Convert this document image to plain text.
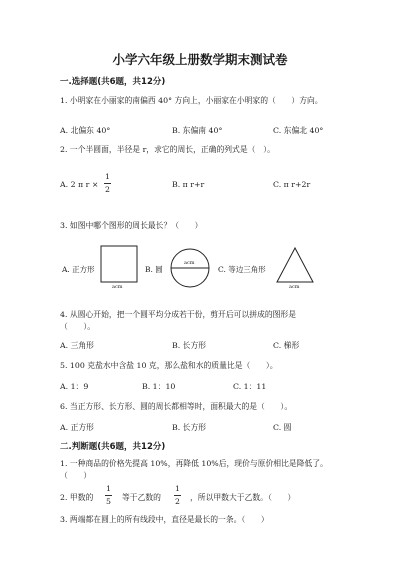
小学六年级上册数学期末测试卷
一.选择题(共6题，共12分)
1. 小明家在小丽家的南偏西 40° 方向上，小丽家在小明家的（　　）方向。
A. 北偏东 40°	B. 东偏南 40°	C. 东偏北 40°
2. 一个半圆面，半径是 r，求它的周长，正确的列式是（　）。
A. 2 π r ×
1
2
B. π r+r	C. π r+2r
3. 如图中哪个图形的周长最长？（　　）
A. 正方形
acm
B. 圆
acm
C. 等边三角形
acm
4. 从圆心开始，把一个圆平均分成若干份，剪开后可以拼成的图形是
（　　）。
A. 三角形	B. 长方形	C. 梯形
5. 100 克盐水中含盐 10 克，那么盐和水的质量比是（　　）。
A. 1：9	B. 1：10	C. 1：11
6. 当正方形、长方形、圆的周长都相等时，面积最大的是（　　）。
A. 正方形	B. 长方形	C. 圆
二.判断题(共6题，共12分)
1. 一种商品的价格先提高 10%，再降低 10%后，现价与原价相比是降低了。
（　　）
2. 甲数的
1
5 等于乙数的
1
2 ，所以甲数大于乙数。（　　）
3. 两端都在圆上的所有线段中，直径是最长的一条。（　　）
